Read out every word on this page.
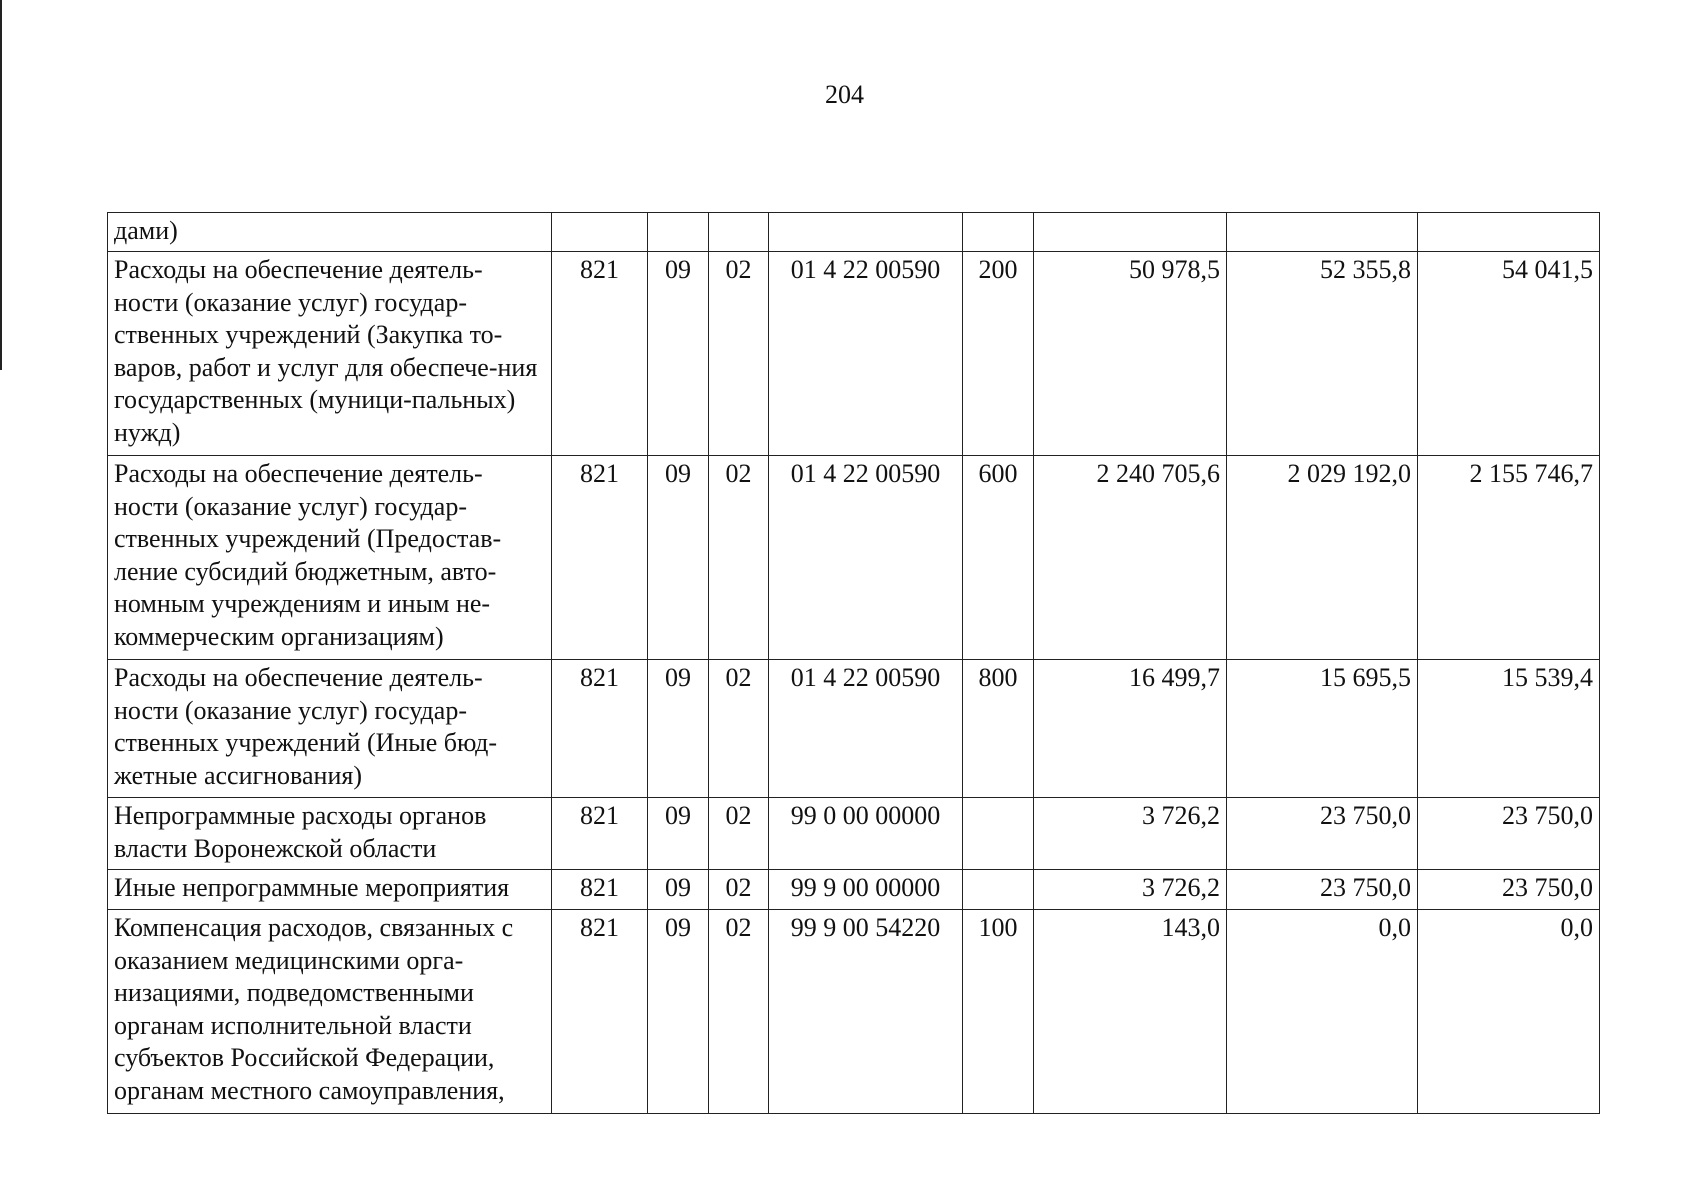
204
дами)								
Расходы на обеспечение деятель-ности (оказание услуг) государ-ственных учреждений (Закупка то-варов, работ и услуг для обеспече-ния государственных (муници-пальных) нужд)	821	09	02	01 4 22 00590	200	50 978,5	52 355,8	54 041,5
Расходы на обеспечение деятель-ности (оказание услуг) государ-ственных учреждений (Предостав-ление субсидий бюджетным, авто-номным учреждениям и иным не-коммерческим организациям)	821	09	02	01 4 22 00590	600	2 240 705,6	2 029 192,0	2 155 746,7
Расходы на обеспечение деятель-ности (оказание услуг) государ-ственных учреждений (Иные бюд-жетные ассигнования)	821	09	02	01 4 22 00590	800	16 499,7	15 695,5	15 539,4
Непрограммные расходы органов власти Воронежской области	821	09	02	99 0 00 00000		3 726,2	23 750,0	23 750,0
Иные непрограммные мероприятия	821	09	02	99 9 00 00000		3 726,2	23 750,0	23 750,0
Компенсация расходов, связанных с оказанием медицинскими орга-низациями, подведомственными органам исполнительной власти субъектов Российской Федерации, органам местного самоуправления,	821	09	02	99 9 00 54220	100	143,0	0,0	0,0
